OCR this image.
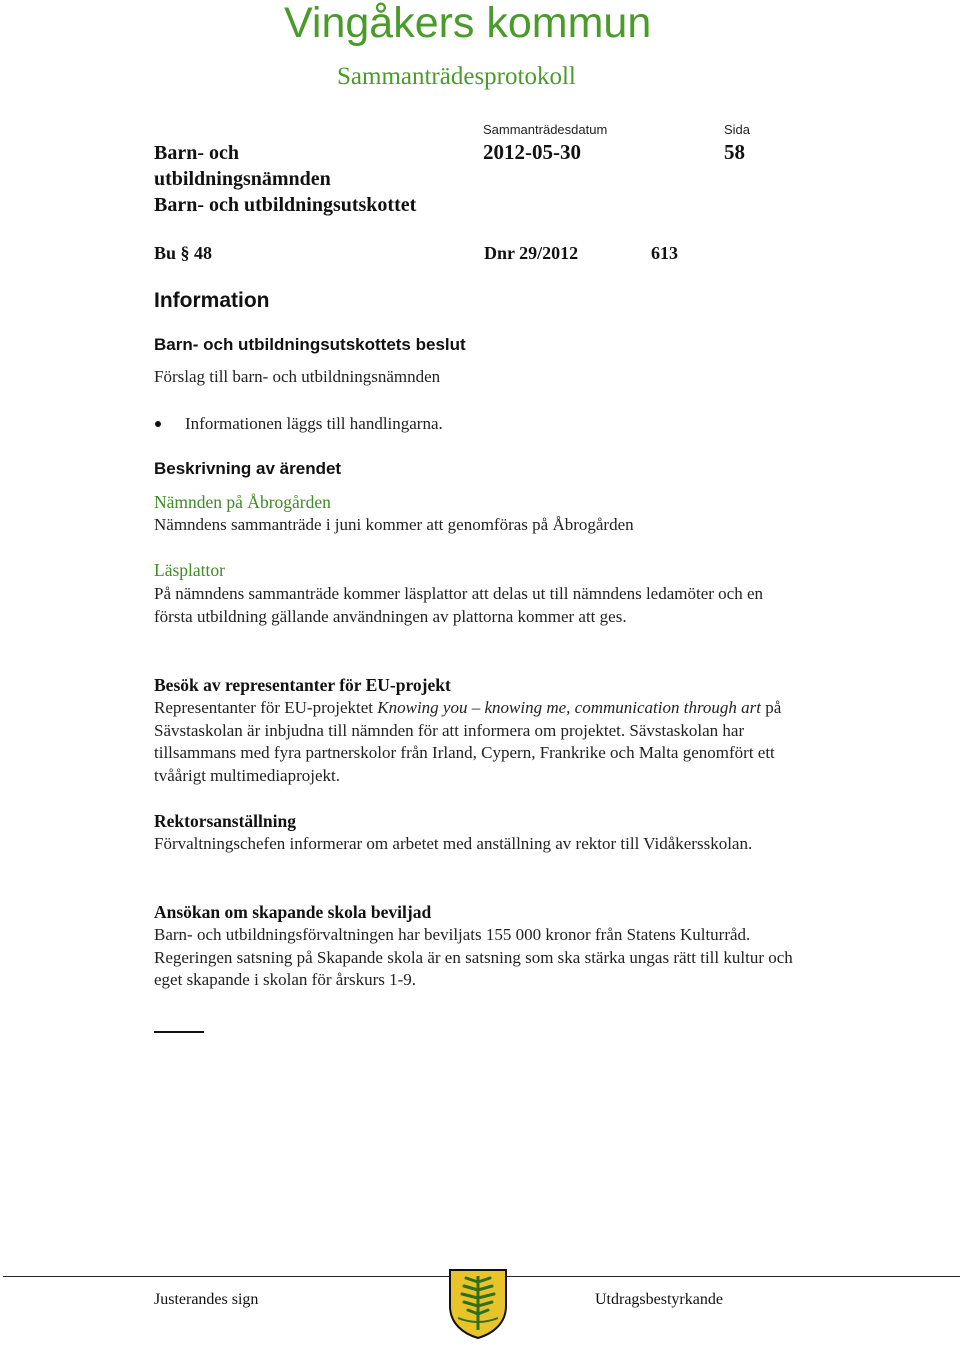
Vingåkers kommun
Sammanträdesprotokoll
Sammanträdesdatum	Sida
2012-05-30	58
Barn- och
utbildningsnämnden
Barn- och utbildningsutskottet
Bu § 48	Dnr 29/2012	613
Information
Barn- och utbildningsutskottets beslut
Förslag till barn- och utbildningsnämnden
Informationen läggs till handlingarna.
Beskrivning av ärendet
Nämnden på Åbrogården
Nämndens sammanträde i juni kommer att genomföras på Åbrogården
Läsplattor
På nämndens sammanträde kommer läsplattor att delas ut till nämndens ledamöter och en första utbildning gällande användningen av plattorna kommer att ges.
Besök av representanter för EU-projekt
Representanter för EU-projektet Knowing you – knowing me, communication through art på Sävstaskolan är inbjudna till nämnden för att informera om projektet. Sävstaskolan har tillsammans med fyra partnerskolor från Irland, Cypern, Frankrike och Malta genomfört ett tvåårigt multimediaprojekt.
Rektorsanställning
Förvaltningschefen informerar om arbetet med anställning av rektor till Vidåkersskolan.
Ansökan om skapande skola beviljad
Barn- och utbildningsförvaltningen har beviljats 155 000 kronor från Statens Kulturråd. Regeringen satsning på Skapande skola är en satsning som ska stärka ungas rätt till kultur och eget skapande i skolan för årskurs 1-9.
Justerandes sign	Utdragsbestyrkande
